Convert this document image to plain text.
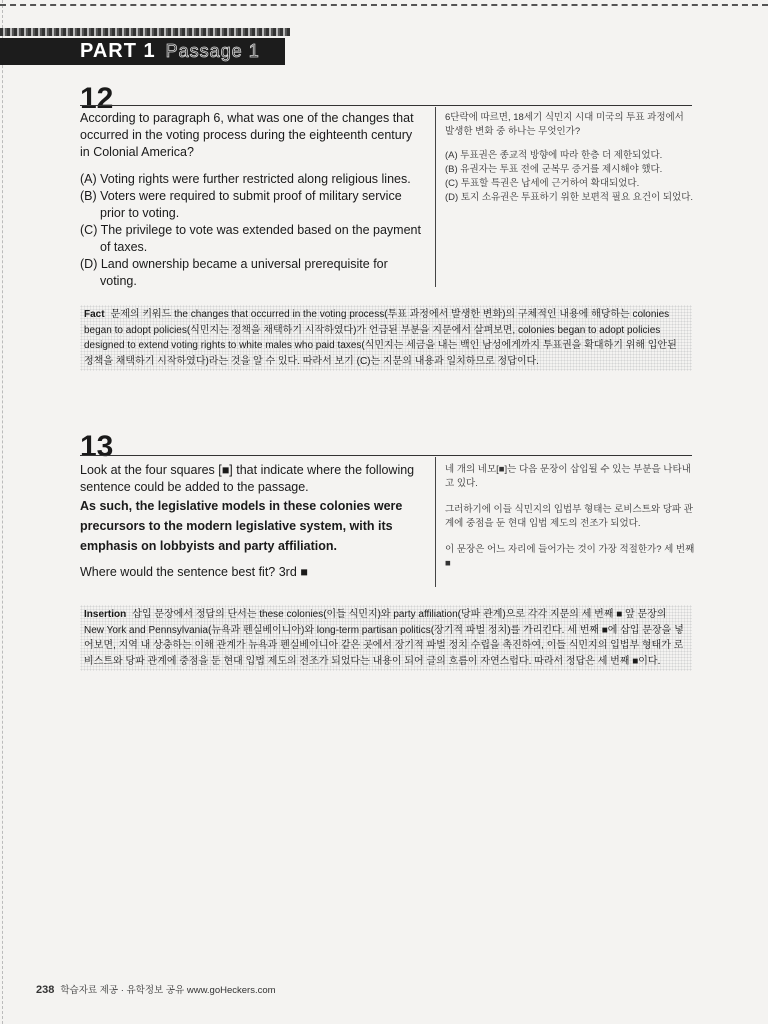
PART 1 Passage 1
12

According to paragraph 6, what was one of the changes that occurred in the voting process during the eighteenth century in Colonial America?

(A) Voting rights were further restricted along religious lines.

(B) Voters were required to submit proof of military service prior to voting.

(C) The privilege to vote was extended based on the payment of taxes.

(D) Land ownership became a universal prerequisite for voting.

6단락에 따르면, 18세기 식민지 시대 미국의 투표 과정에서 발생한 변화 중 하나는 무엇인가?

(A) 투표권은 종교적 방향에 따라 한층 더 제한되었다.

(B) 유권자는 투표 전에 군복무 증거를 제시해야 했다.

(C) 투표할 특권은 납세에 근거하여 확대되었다.

(D) 토지 소유권은 투표하기 위한 보편적 필요 요건이 되었다.

Fact 문제의 키워드 the changes that occurred in the voting process(투표 과정에서 발생한 변화)의 구체적인 내용에 해당하는 colonies began to adopt policies(식민지는 정책을 채택하기 시작하였다)가 언급된 부분을 지문에서 살펴보면, colonies began to adopt policies designed to extend voting rights to white males who paid taxes(식민지는 세금을 내는 백인 남성에게까지 투표권을 확대하기 위해 입안된 정책을 채택하기 시작하였다)라는 것을 알 수 있다. 따라서 보기 (C)는 지문의 내용과 일치하므로 정답이다.
13

Look at the four squares [■] that indicate where the following sentence could be added to the passage.

As such, the legislative models in these colonies were precursors to the modern legislative system, with its emphasis on lobbyists and party affiliation.

Where would the sentence best fit? 3rd ■

네 개의 네모[■]는 다음 문장이 삽입될 수 있는 부분을 나타내고 있다.

그러하기에 이들 식민지의 입법부 형태는 로비스트와 당파 관계에 중점을 둔 현대 입법 제도의 전조가 되었다.

이 문장은 어느 자리에 들어가는 것이 가장 적절한가? 세 번째 ■

Insertion 삽입 문장에서 정답의 단서는 these colonies(이들 식민지)와 party affiliation(당파 관계)으로 각각 지문의 세 번째 ■ 앞 문장의 New York and Pennsylvania(뉴욕과 펜실베이니아)와 long-term partisan politics(장기적 파벌 정치)를 가리킨다. 세 번째 ■에 삽입 문장을 넣어보면, 지역 내 상충하는 이해 관계가 뉴욕과 펜실베이니아 같은 곳에서 장기적 파벌 정치 수립을 촉진하여, 이들 식민지의 입법부 형태가 로비스트와 당파 관계에 중점을 둔 현대 입법 제도의 전조가 되었다는 내용이 되어 글의 흐름이 자연스럽다. 따라서 정답은 세 번째 ■이다.
238 학습자료 제공 · 유학정보 공유 www.goHeckers.com
